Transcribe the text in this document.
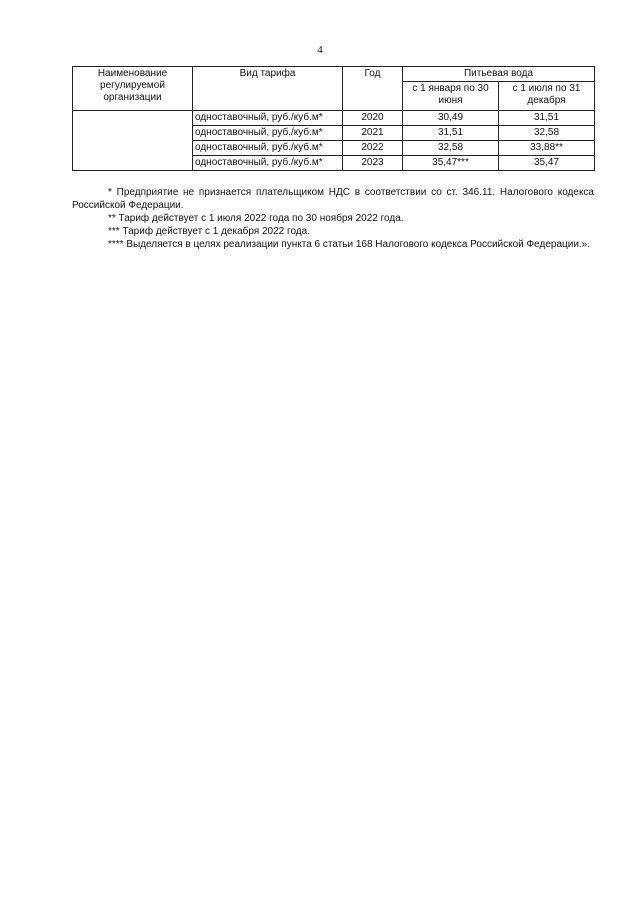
4
Наименование регулируемой организации	Вид тарифа	Год	Питьевая вода	
			с 1 января по 30 июня	с 1 июля по 31 декабря
	одноставочный, руб./куб.м*	2020	30,49	31,51
	одноставочный, руб./куб.м*	2021	31,51	32,58
	одноставочный, руб./куб.м*	2022	32,58	33,88**
	одноставочный, руб./куб.м*	2023	35,47***	35,47

* Предприятие не признается плательщиком НДС в соответствии со ст. 346.11. Налогового кодекса Российской Федерации.

** Тариф действует с 1 июля 2022 года по 30 ноября 2022 года.

*** Тариф действует с 1 декабря 2022 года.

**** Выделяется в целях реализации пункта 6 статьи 168 Налогового кодекса Российской Федерации.».
